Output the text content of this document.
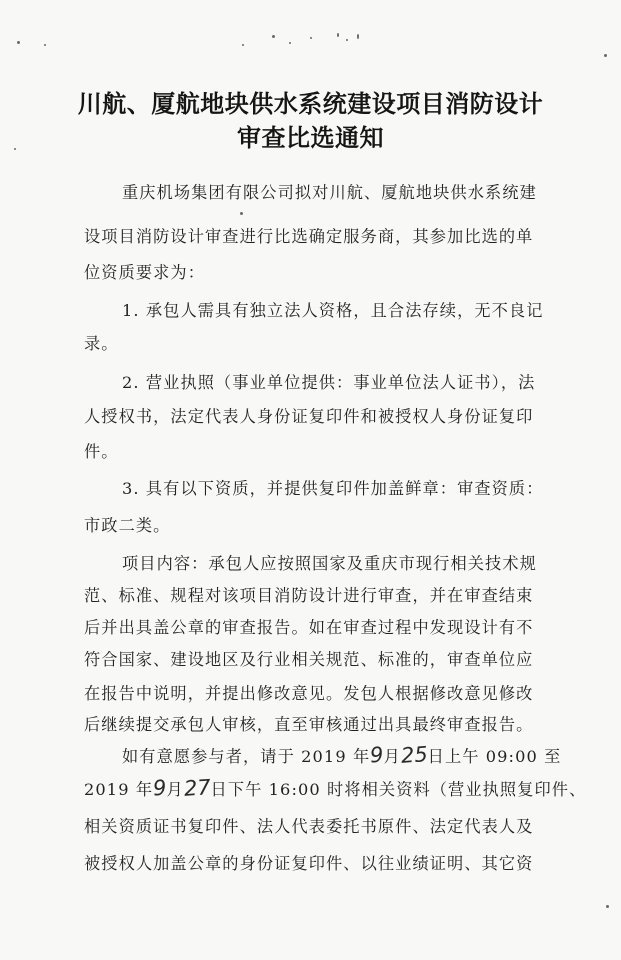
川航、厦航地块供水系统建设项目消防设计
审查比选通知
重庆机场集团有限公司拟对川航、厦航地块供水系统建
设项目消防设计审查进行比选确定服务商，其参加比选的单
位资质要求为：
1. 承包人需具有独立法人资格，且合法存续，无不良记
录。
2. 营业执照（事业单位提供：事业单位法人证书），法
人授权书，法定代表人身份证复印件和被授权人身份证复印
件。
3. 具有以下资质，并提供复印件加盖鲜章：审查资质：
市政二类。
项目内容：承包人应按照国家及重庆市现行相关技术规
范、标准、规程对该项目消防设计进行审查，并在审查结束
后并出具盖公章的审查报告。如在审查过程中发现设计有不
符合国家、建设地区及行业相关规范、标准的，审查单位应
在报告中说明，并提出修改意见。发包人根据修改意见修改
后继续提交承包人审核，直至审核通过出具最终审查报告。
如有意愿参与者，请于 2019 年9月25日上午 09:00 至
2019 年9月27日下午 16:00 时将相关资料（营业执照复印件、
相关资质证书复印件、法人代表委托书原件、法定代表人及
被授权人加盖公章的身份证复印件、以往业绩证明、其它资
